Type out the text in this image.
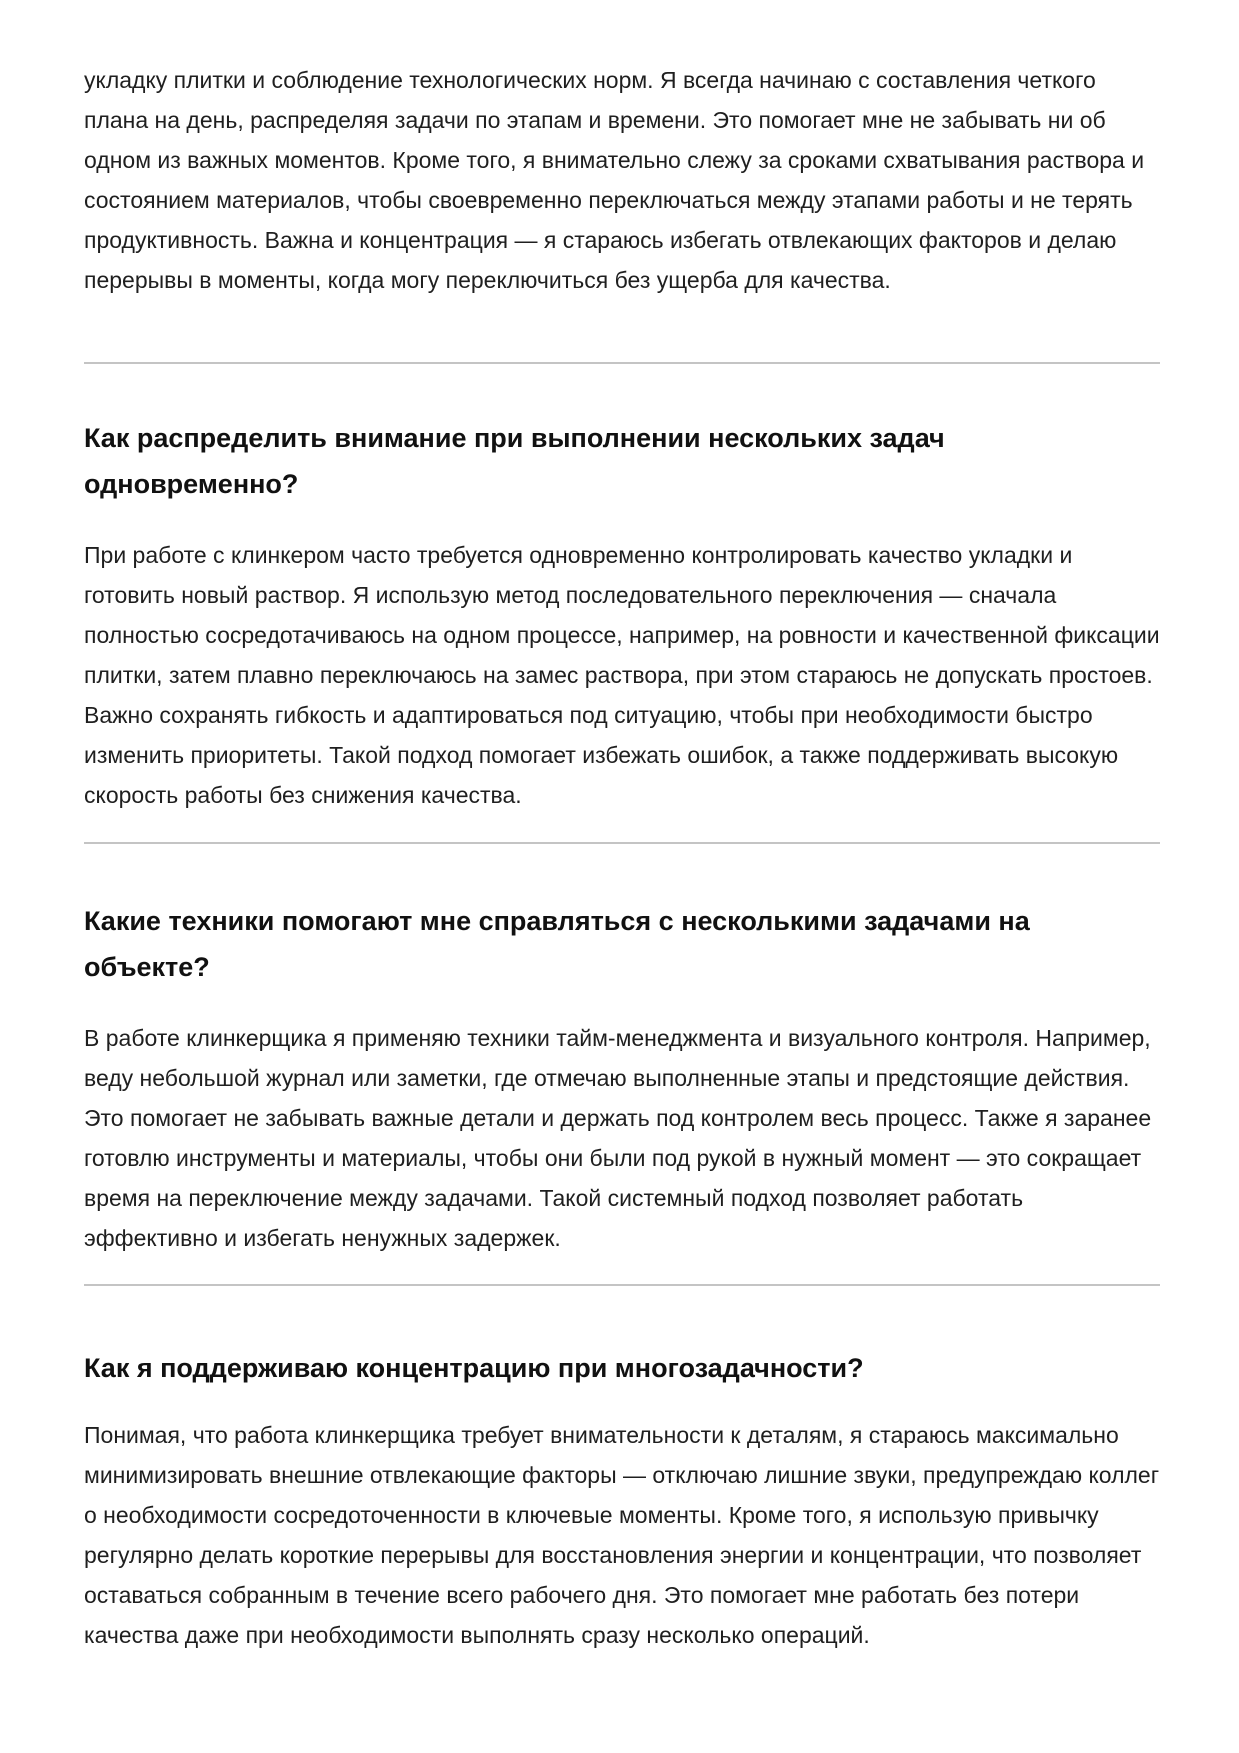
укладку плитки и соблюдение технологических норм. Я всегда начинаю с составления четкого плана на день, распределяя задачи по этапам и времени. Это помогает мне не забывать ни об одном из важных моментов. Кроме того, я внимательно слежу за сроками схватывания раствора и состоянием материалов, чтобы своевременно переключаться между этапами работы и не терять продуктивность. Важна и концентрация — я стараюсь избегать отвлекающих факторов и делаю перерывы в моменты, когда могу переключиться без ущерба для качества.

Как распределить внимание при выполнении нескольких задач одновременно?

При работе с клинкером часто требуется одновременно контролировать качество укладки и готовить новый раствор. Я использую метод последовательного переключения — сначала полностью сосредотачиваюсь на одном процессе, например, на ровности и качественной фиксации плитки, затем плавно переключаюсь на замес раствора, при этом стараюсь не допускать простоев. Важно сохранять гибкость и адаптироваться под ситуацию, чтобы при необходимости быстро изменить приоритеты. Такой подход помогает избежать ошибок, а также поддерживать высокую скорость работы без снижения качества.

Какие техники помогают мне справляться с несколькими задачами на объекте?

В работе клинкерщика я применяю техники тайм-менеджмента и визуального контроля. Например, веду небольшой журнал или заметки, где отмечаю выполненные этапы и предстоящие действия. Это помогает не забывать важные детали и держать под контролем весь процесс. Также я заранее готовлю инструменты и материалы, чтобы они были под рукой в нужный момент — это сокращает время на переключение между задачами. Такой системный подход позволяет работать эффективно и избегать ненужных задержек.

Как я поддерживаю концентрацию при многозадачности?

Понимая, что работа клинкерщика требует внимательности к деталям, я стараюсь максимально минимизировать внешние отвлекающие факторы — отключаю лишние звуки, предупреждаю коллег о необходимости сосредоточенности в ключевые моменты. Кроме того, я использую привычку регулярно делать короткие перерывы для восстановления энергии и концентрации, что позволяет оставаться собранным в течение всего рабочего дня. Это помогает мне работать без потери качества даже при необходимости выполнять сразу несколько операций.
